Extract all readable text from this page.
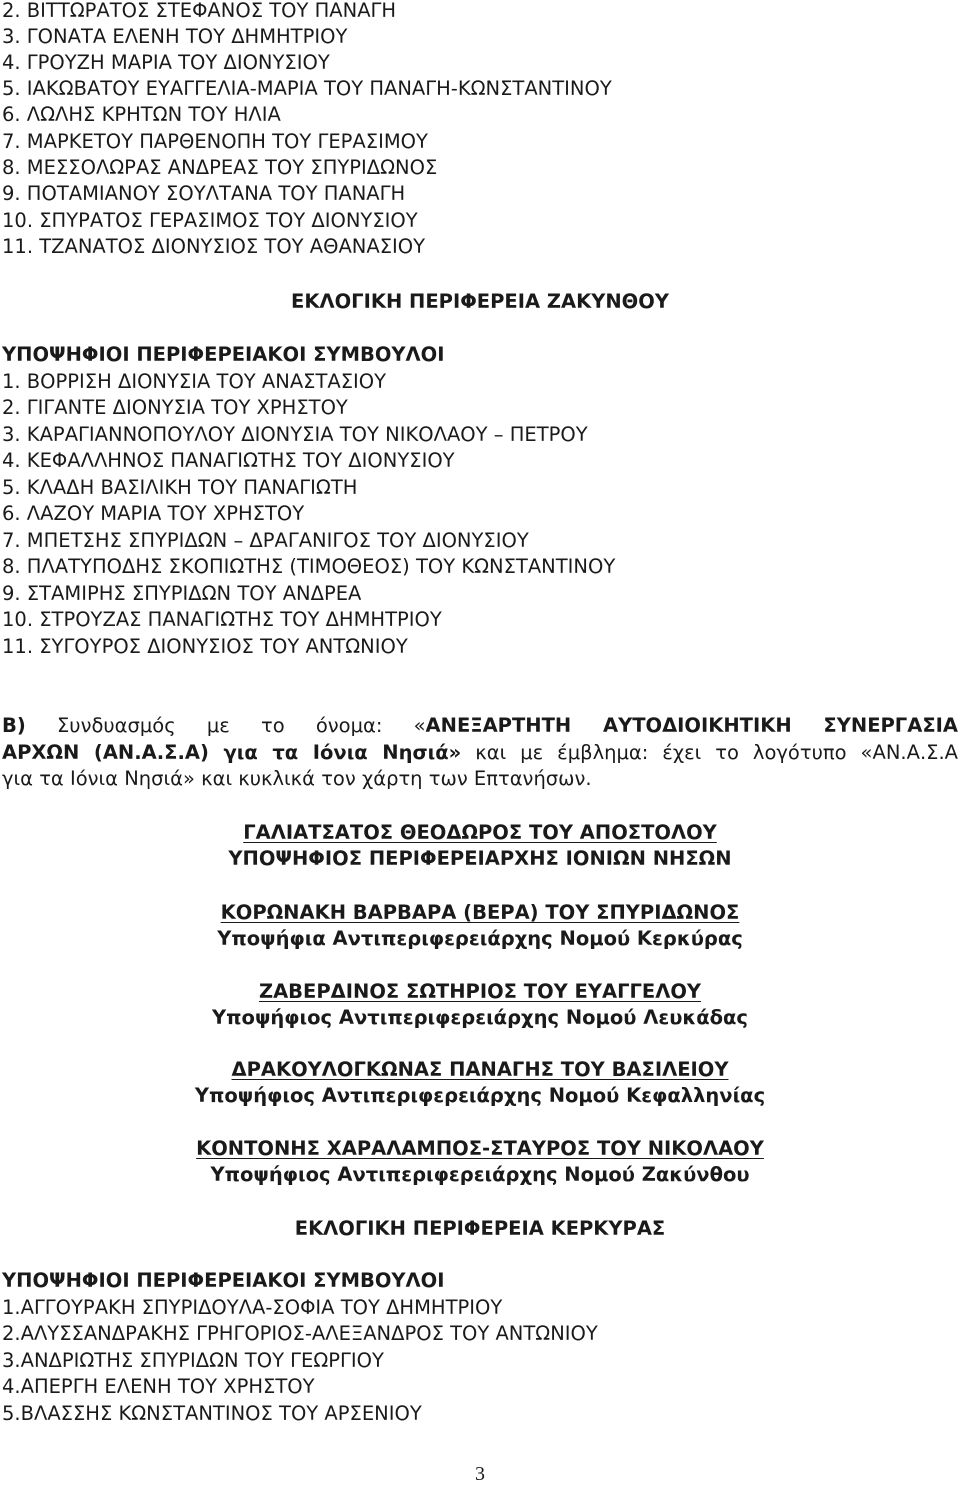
2. ΒΙΤΤΩΡΑΤΟΣ ΣΤΕΦΑΝΟΣ ΤΟΥ ΠΑΝΑΓΗ
3. ΓΟΝΑΤΑ ΕΛΕΝΗ ΤΟΥ ΔΗΜΗΤΡΙΟΥ
4. ΓΡΟΥΖΗ ΜΑΡΙΑ ΤΟΥ ΔΙΟΝΥΣΙΟΥ
5. ΙΑΚΩΒΑΤΟΥ ΕΥΑΓΓΕΛΙΑ-ΜΑΡΙΑ ΤΟΥ ΠΑΝΑΓΗ-ΚΩΝΣΤΑΝΤΙΝΟΥ
6. ΛΩΛΗΣ ΚΡΗΤΩΝ ΤΟΥ ΗΛΙΑ
7. ΜΑΡΚΕΤΟΥ ΠΑΡΘΕΝΟΠΗ ΤΟΥ ΓΕΡΑΣΙΜΟΥ
8. ΜΕΣΣΟΛΩΡΑΣ ΑΝΔΡΕΑΣ ΤΟΥ ΣΠΥΡΙΔΩΝΟΣ
9. ΠΟΤΑΜΙΑΝΟΥ ΣΟΥΛΤΑΝΑ ΤΟΥ ΠΑΝΑΓΗ
10. ΣΠΥΡΑΤΟΣ ΓΕΡΑΣΙΜΟΣ ΤΟΥ ΔΙΟΝΥΣΙΟΥ
11. ΤΖΑΝΑΤΟΣ ΔΙΟΝΥΣΙΟΣ ΤΟΥ ΑΘΑΝΑΣΙΟΥ
ΕΚΛΟΓΙΚΗ ΠΕΡΙΦΕΡΕΙΑ ΖΑΚΥΝΘΟΥ
ΥΠΟΨΗΦΙΟΙ ΠΕΡΙΦΕΡΕΙΑΚΟΙ ΣΥΜΒΟΥΛΟΙ
1. ΒΟΡΡΙΣΗ ΔΙΟΝΥΣΙΑ ΤΟΥ ΑΝΑΣΤΑΣΙΟΥ
2. ΓΙΓΑΝΤΕ ΔΙΟΝΥΣΙΑ ΤΟΥ ΧΡΗΣΤΟΥ
3. ΚΑΡΑΓΙΑΝΝΟΠΟΥΛΟΥ ΔΙΟΝΥΣΙΑ ΤΟΥ ΝΙΚΟΛΑΟΥ – ΠΕΤΡΟΥ
4. ΚΕΦΑΛΛΗΝΟΣ ΠΑΝΑΓΙΩΤΗΣ ΤΟΥ ΔΙΟΝΥΣΙΟΥ
5. ΚΛΑΔΗ ΒΑΣΙΛΙΚΗ ΤΟΥ ΠΑΝΑΓΙΩΤΗ
6. ΛΑΖΟΥ ΜΑΡΙΑ ΤΟΥ ΧΡΗΣΤΟΥ
7. ΜΠΕΤΣΗΣ ΣΠΥΡΙΔΩΝ – ΔΡΑΓΑΝΙΓΟΣ ΤΟΥ ΔΙΟΝΥΣΙΟΥ
8. ΠΛΑΤΥΠΟΔΗΣ ΣΚΟΠΙΩΤΗΣ (ΤΙΜΟΘΕΟΣ) ΤΟΥ ΚΩΝΣΤΑΝΤΙΝΟΥ
9. ΣΤΑΜΙΡΗΣ ΣΠΥΡΙΔΩΝ ΤΟΥ ΑΝΔΡΕΑ
10. ΣΤΡΟΥΖΑΣ ΠΑΝΑΓΙΩΤΗΣ ΤΟΥ ΔΗΜΗΤΡΙΟΥ
11. ΣΥΓΟΥΡΟΣ ΔΙΟΝΥΣΙΟΣ ΤΟΥ ΑΝΤΩΝΙΟΥ
Β) Συνδυασμός με το όνομα: «ΑΝΕΞΑΡΤΗΤΗ ΑΥΤΟΔΙΟΙΚΗΤΙΚΗ ΣΥΝΕΡΓΑΣΙΑ
ΑΡΧΩΝ (ΑΝ.Α.Σ.Α) για τα Ιόνια Νησιά» και με έμβλημα: έχει το λογότυπο «ΑΝ.Α.Σ.Α
για τα Ιόνια Νησιά» και κυκλικά τον χάρτη των Επτανήσων.
ΓΑΛΙΑΤΣΑΤΟΣ ΘΕΟΔΩΡΟΣ ΤΟΥ ΑΠΟΣΤΟΛΟΥ
ΥΠΟΨΗΦΙΟΣ ΠΕΡΙΦΕΡΕΙΑΡΧΗΣ ΙΟΝΙΩΝ ΝΗΣΩΝ
ΚΟΡΩΝΑΚΗ ΒΑΡΒΑΡΑ (ΒΕΡΑ) ΤΟΥ ΣΠΥΡΙΔΩΝΟΣ
Υποψήφια Αντιπεριφερειάρχης Νομού Κερκύρας
ΖΑΒΕΡΔΙΝΟΣ ΣΩΤΗΡΙΟΣ ΤΟΥ ΕΥΑΓΓΕΛΟΥ
Υποψήφιος Αντιπεριφερειάρχης Νομού Λευκάδας
ΔΡΑΚΟΥΛΟΓΚΩΝΑΣ ΠΑΝΑΓΗΣ ΤΟΥ ΒΑΣΙΛΕΙΟΥ
Υποψήφιος Αντιπεριφερειάρχης Νομού Κεφαλληνίας
ΚΟΝΤΟΝΗΣ ΧΑΡΑΛΑΜΠΟΣ-ΣΤΑΥΡΟΣ ΤΟΥ ΝΙΚΟΛΑΟΥ
Υποψήφιος Αντιπεριφερειάρχης Νομού Ζακύνθου
ΕΚΛΟΓΙΚΗ ΠΕΡΙΦΕΡΕΙΑ ΚΕΡΚΥΡΑΣ
ΥΠΟΨΗΦΙΟΙ ΠΕΡΙΦΕΡΕΙΑΚΟΙ ΣΥΜΒΟΥΛΟΙ
1.ΑΓΓΟΥΡΑΚΗ ΣΠΥΡΙΔΟΥΛΑ-ΣΟΦΙΑ ΤΟΥ ΔΗΜΗΤΡΙΟΥ
2.ΑΛΥΣΣΑΝΔΡΑΚΗΣ ΓΡΗΓΟΡΙΟΣ-ΑΛΕΞΑΝΔΡΟΣ ΤΟΥ ΑΝΤΩΝΙΟΥ
3.ΑΝΔΡΙΩΤΗΣ ΣΠΥΡΙΔΩΝ ΤΟΥ ΓΕΩΡΓΙΟΥ
4.ΑΠΕΡΓΗ ΕΛΕΝΗ ΤΟΥ ΧΡΗΣΤΟΥ
5.ΒΛΑΣΣΗΣ ΚΩΝΣΤΑΝΤΙΝΟΣ ΤΟΥ ΑΡΣΕΝΙΟΥ
3
